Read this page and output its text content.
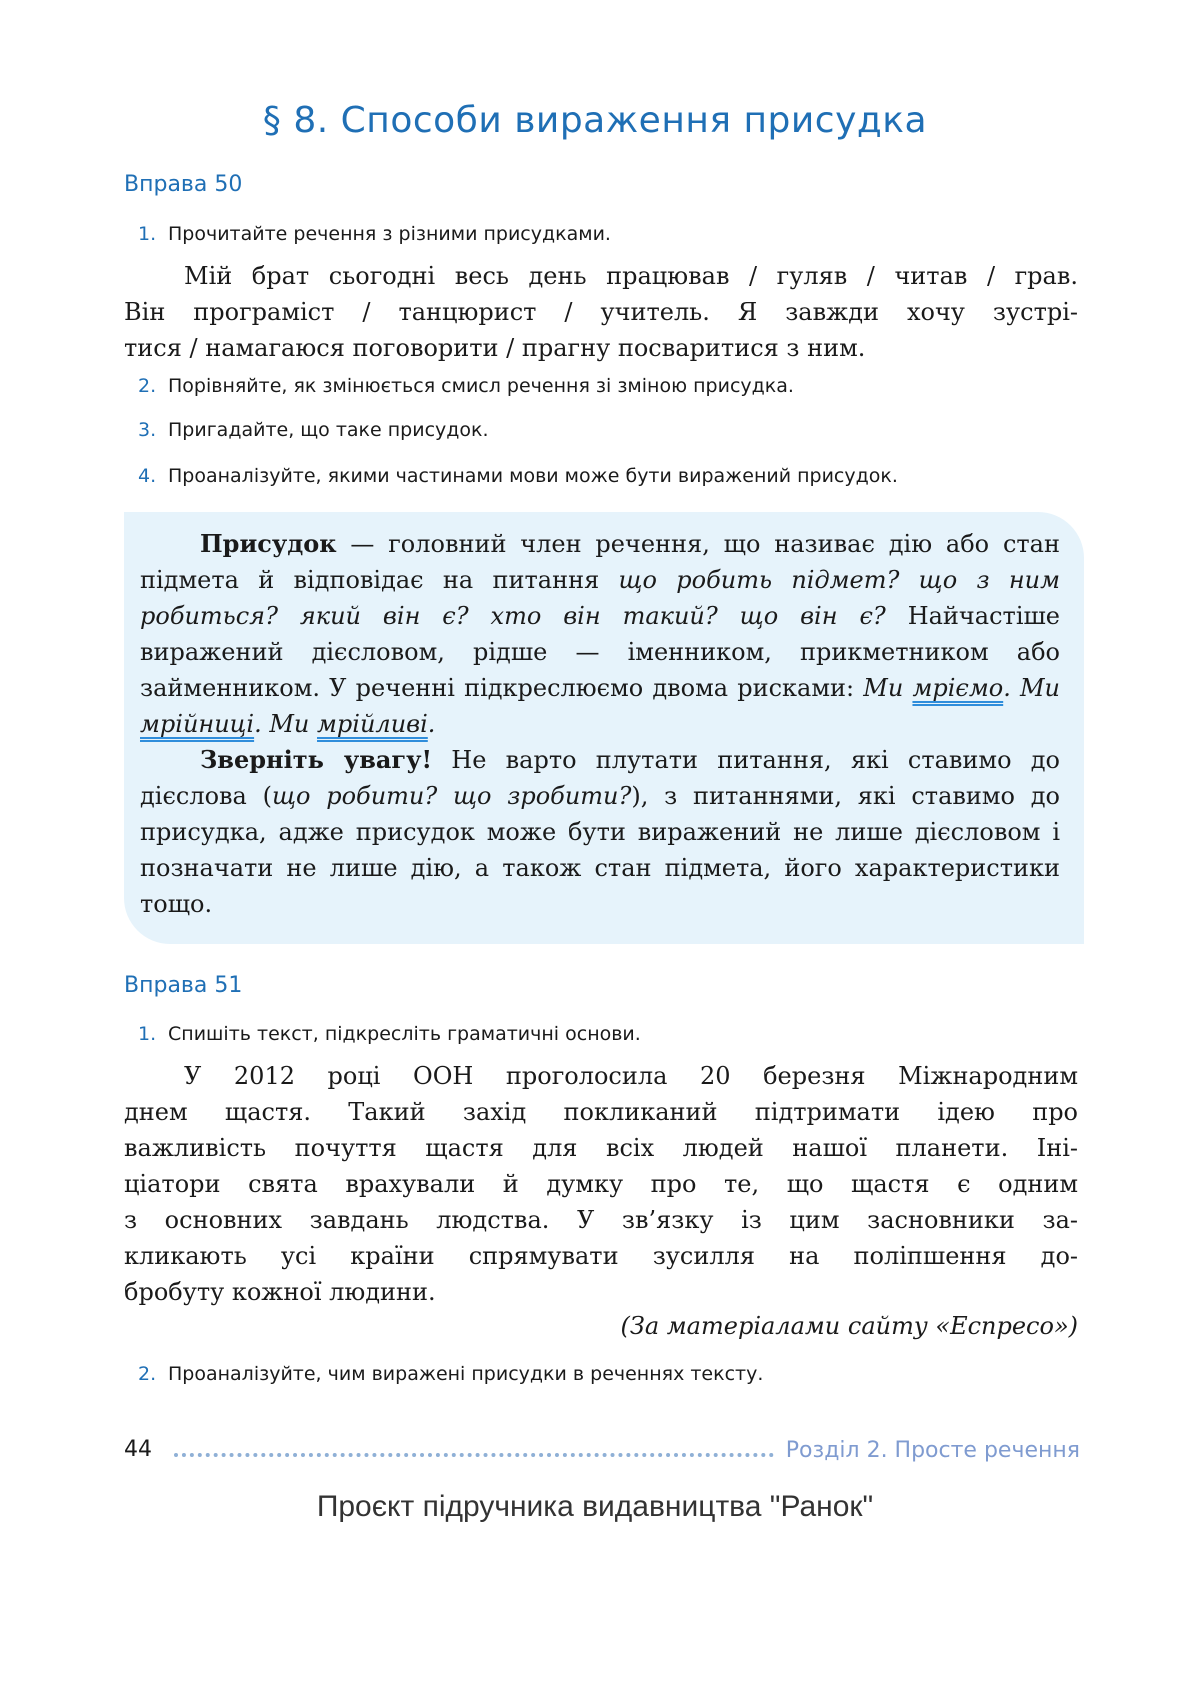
§ 8. Способи вираження присудка
Вправа 50
1. Прочитайте речення з різними присудками.
Мій брат сьогодні весь день працював / гуляв / читав / грав.
Він програміст / танцюрист / учитель. Я завжди хочу зустрі-
тися / намагаюся поговорити / прагну посваритися з ним.
2. Порівняйте, як змінюється смисл речення зі зміною присудка.
3. Пригадайте, що таке присудок.
4. Проаналізуйте, якими частинами мови може бути виражений присудок.
Присудок — головний член речення, що називає дію або стан підмета й відповідає на питання що робить підмет? що з ним робиться? який він є? хто він такий? що він є? Найчастіше виражений дієсловом, рідше — іменником, прикметником або займенником. У реченні підкреслюємо двома рисками: Ми мріємо. Ми мрійниці. Ми мрійливі.
Зверніть увагу! Не варто плутати питання, які ставимо до дієслова (що робити? що зробити?), з питаннями, які ставимо до присудка, адже присудок може бути виражений не лише дієсловом і позначати не лише дію, а також стан підмета, його характеристики тощо.
Вправа 51
1. Спишіть текст, підкресліть граматичні основи.
У 2012 році ООН проголосила 20 березня Міжнародним
днем щастя. Такий захід покликаний підтримати ідею про
важливість почуття щастя для всіх людей нашої планети. Іні-
ціатори свята врахували й думку про те, що щастя є одним
з основних завдань людства. У зв’язку із цим засновники за-
кликають усі країни спрямувати зусилля на поліпшення до-
бробуту кожної людини.
(За матеріалами сайту «Еспресо»)
2. Проаналізуйте, чим виражені присудки в реченнях тексту.
44	Розділ 2. Просте речення
Проєкт підручника видавництва "Ранок"
